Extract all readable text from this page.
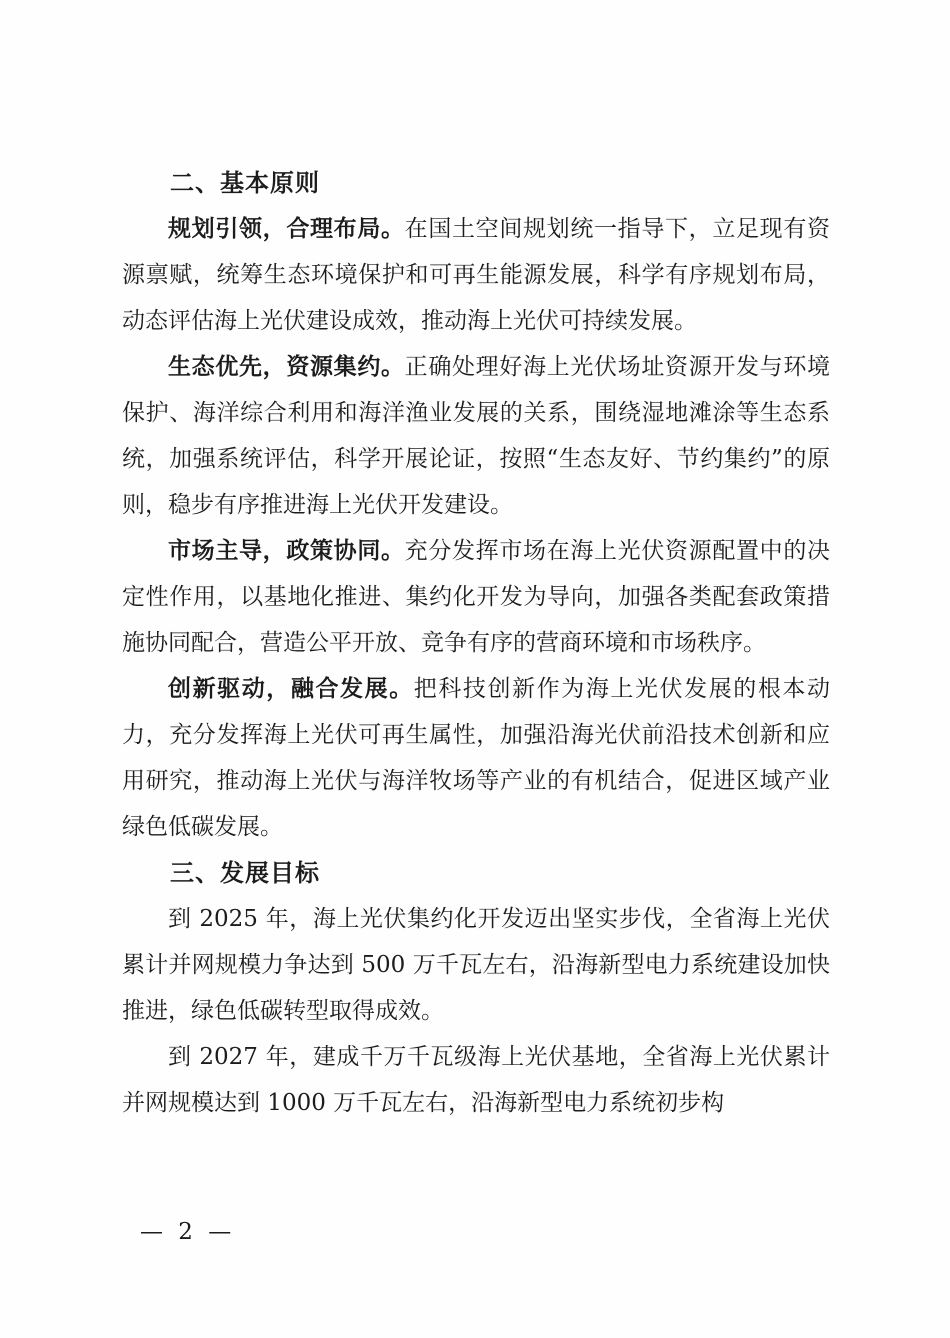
二、基本原则

规划引领，合理布局。在国土空间规划统一指导下，立足现有资源禀赋，统筹生态环境保护和可再生能源发展，科学有序规划布局，动态评估海上光伏建设成效，推动海上光伏可持续发展。

生态优先，资源集约。正确处理好海上光伏场址资源开发与环境保护、海洋综合利用和海洋渔业发展的关系，围绕湿地滩涂等生态系统，加强系统评估，科学开展论证，按照“生态友好、节约集约”的原则，稳步有序推进海上光伏开发建设。

市场主导，政策协同。充分发挥市场在海上光伏资源配置中的决定性作用，以基地化推进、集约化开发为导向，加强各类配套政策措施协同配合，营造公平开放、竞争有序的营商环境和市场秩序。

创新驱动，融合发展。把科技创新作为海上光伏发展的根本动力，充分发挥海上光伏可再生属性，加强沿海光伏前沿技术创新和应用研究，推动海上光伏与海洋牧场等产业的有机结合，促进区域产业绿色低碳发展。

三、发展目标

到 2025 年，海上光伏集约化开发迈出坚实步伐，全省海上光伏累计并网规模力争达到 500 万千瓦左右，沿海新型电力系统建设加快推进，绿色低碳转型取得成效。

到 2027 年，建成千万千瓦级海上光伏基地，全省海上光伏累计并网规模达到 1000 万千瓦左右，沿海新型电力系统初步构

— 2 —
